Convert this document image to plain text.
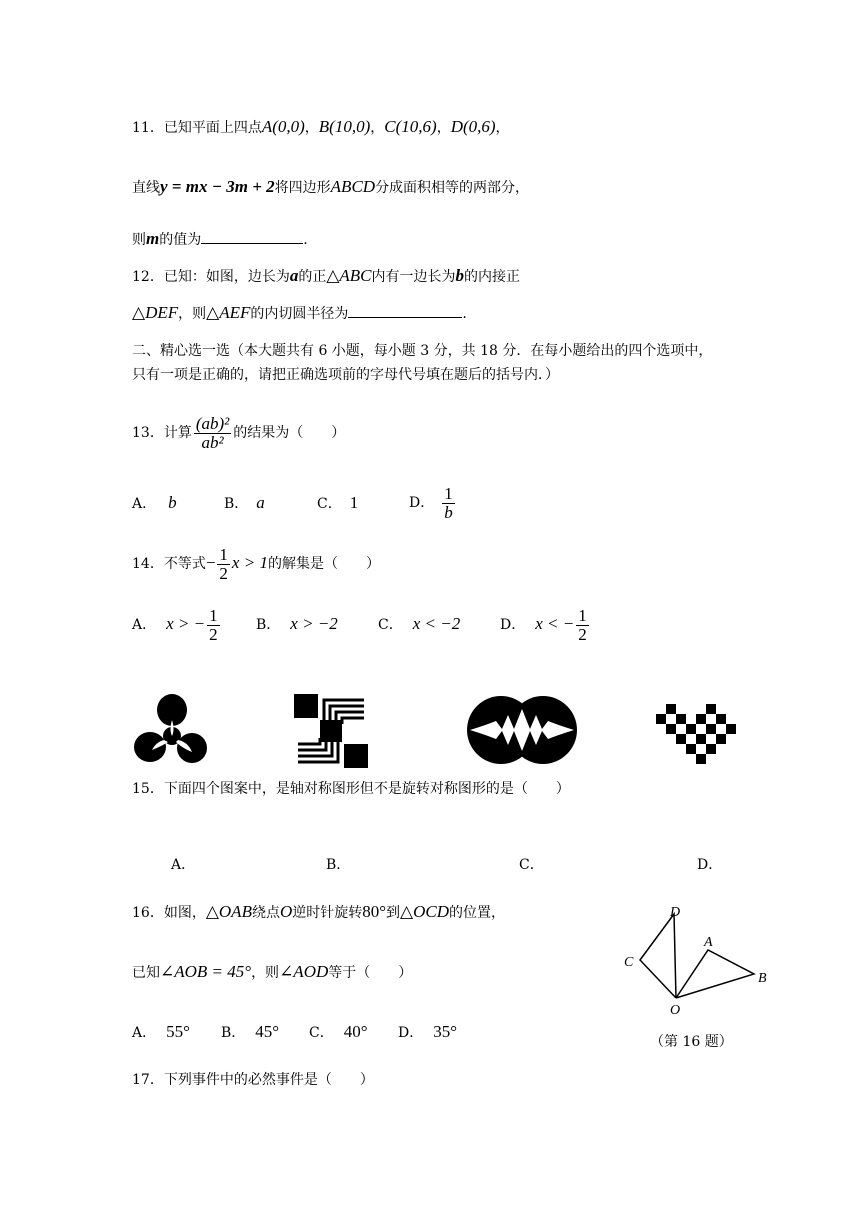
11．已知平面上四点A(0,0)，B(10,0)，C(10,6)，D(0,6)，
直线y = mx − 3m + 2将四边形ABCD分成面积相等的两部分，
则m的值为	.
12．已知：如图，边长为a的正△ABC内有一边长为b的内接正
△DEF，则△AEF的内切圆半径为	.
二、精心选一选（本大题共有 6 小题，每小题 3 分，共 18 分．在每小题给出的四个选项中，
只有一项是正确的，请把正确选项前的字母代号填在题后的括号内．）
13．计算 $\frac{\text{(ab)²}}{\text{ab²}}$ 的结果为（　　）
A． b	B． a	C． 1	D． $\frac{1}{b}$
14．不等式− $\frac{1}{2}$ x > 1的解集是（　　）
A． x > − $\frac{1}{2}$	B． x > −2	C． x < −2	D． x < − $\frac{1}{2}$
15．下面四个图案中，是轴对称图形但不是旋转对称图形的是（　　）
A．	B．	C．	D．
16．如图，△OAB绕点O逆时针旋转80°到△OCD的位置，
已知∠AOB = 45°，则∠AOD等于（　　）
A． 55° B． 45° C． 40° D． 35°
D
A
C
B
O
（第 16 题）
17．下列事件中的必然事件是（　　）
